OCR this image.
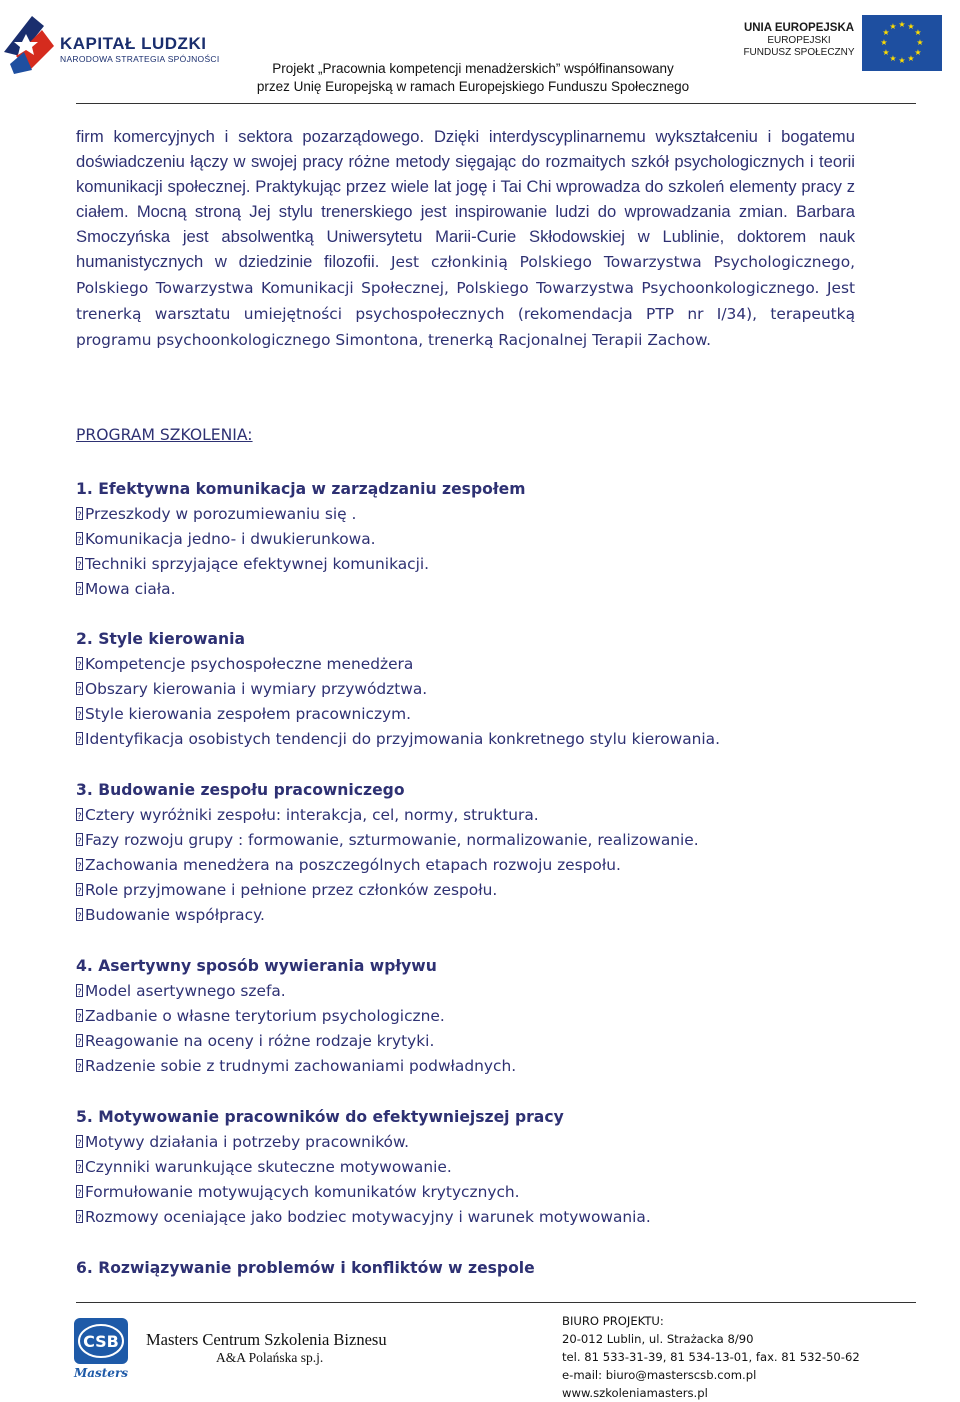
KAPITAŁ LUDZKI
NARODOWA STRATEGIA SPÓJNOŚCI
Projekt „Pracownia kompetencji menadżerskich” współfinansowany
przez Unię Europejską w ramach Europejskiego Funduszu Społecznego
UNIA EUROPEJSKA
EUROPEJSKI
FUNDUSZ SPOŁECZNY
★ ★
★
★
★
★
★
★
★
★
★
★

firm komercyjnych i sektora pozarządowego. Dzięki interdyscyplinarnemu wykształceniu i bogatemu doświadczeniu łączy w swojej pracy różne metody sięgając do rozmaitych szkół psychologicznych i teorii komunikacji społecznej. Praktykując przez wiele lat jogę i Tai Chi wprowadza do szkoleń elementy pracy z ciałem. Mocną stroną Jej stylu trenerskiego jest inspirowanie ludzi do wprowadzania zmian. Barbara Smoczyńska jest absolwentką Uniwersytetu Marii-Curie Skłodowskiej w Lublinie, doktorem nauk humanistycznych w dziedzinie filozofii. Jest członkinią Polskiego Towarzystwa Psychologicznego, Polskiego Towarzystwa Komunikacji Społecznej, Polskiego Towarzystwa Psychoonkologicznego. Jest trenerką warsztatu umiejętności psychospołecznych (rekomendacja PTP nr I/34), terapeutką programu psychoonkologicznego Simontona, trenerką Racjonalnej Terapii Zachow.

PROGRAM SZKOLENIA:
1. Efektywna komunikacja w zarządzaniu zespołem
?Przeszkody w porozumiewaniu się .
?Komunikacja jedno- i dwukierunkowa.
?Techniki sprzyjające efektywnej komunikacji.
?Mowa ciała.
2. Style kierowania
?Kompetencje psychospołeczne menedżera
?Obszary kierowania i wymiary przywództwa.
?Style kierowania zespołem pracowniczym.
?Identyfikacja osobistych tendencji do przyjmowania konkretnego stylu kierowania.
3. Budowanie zespołu pracowniczego
?Cztery wyróżniki zespołu: interakcja, cel, normy, struktura.
?Fazy rozwoju grupy : formowanie, szturmowanie, normalizowanie, realizowanie.
?Zachowania menedżera na poszczególnych etapach rozwoju zespołu.
?Role przyjmowane i pełnione przez członków zespołu.
?Budowanie współpracy.
4. Asertywny sposób wywierania wpływu
?Model asertywnego szefa.
?Zadbanie o własne terytorium psychologiczne.
?Reagowanie na oceny i różne rodzaje krytyki.
?Radzenie sobie z trudnymi zachowaniami podwładnych.
5. Motywowanie pracowników do efektywniejszej pracy
?Motywy działania i potrzeby pracowników.
?Czynniki warunkujące skuteczne motywowanie.
?Formułowanie motywujących komunikatów krytycznych.
?Rozmowy oceniające jako bodziec motywacyjny i warunek motywowania.
6. Rozwiązywanie problemów i konfliktów w zespole
CSB
Masters
Masters Centrum Szkolenia Biznesu
A&A Polańska sp.j.
BIURO PROJEKTU:
20-012 Lublin, ul. Strażacka 8/90
tel. 81 533-31-39, 81 534-13-01, fax. 81 532-50-62
e-mail: biuro@masterscsb.com.pl
www.szkoleniamasters.pl
